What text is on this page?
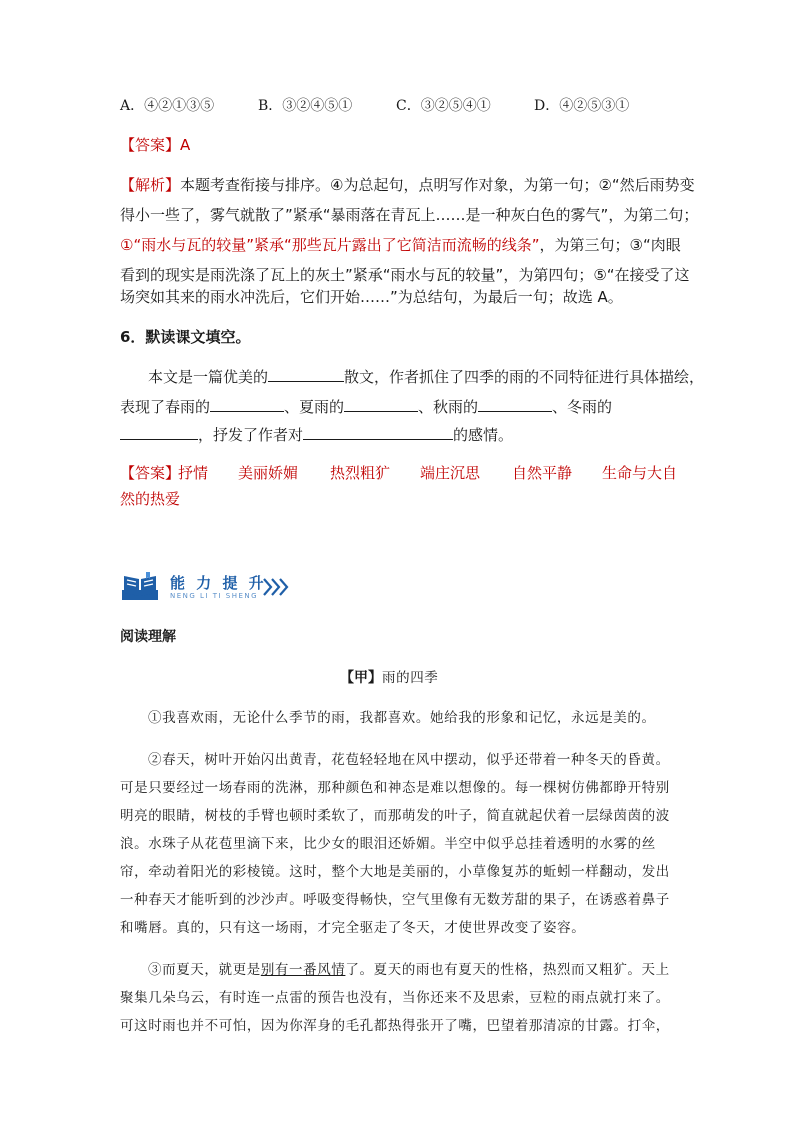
A．④②①③⑤	B．③②④⑤①	C．③②⑤④①	D．④②⑤③①
【答案】A
【解析】本题考查衔接与排序。④为总起句，点明写作对象，为第一句；②“然后雨势变
得小一些了，雾气就散了”紧承“暴雨落在青瓦上……是一种灰白色的雾气”，为第二句；
①“雨水与瓦的较量”紧承“那些瓦片露出了它简洁而流畅的线条”，为第三句；③“肉眼
看到的现实是雨洗涤了瓦上的灰土”紧承“雨水与瓦的较量”，为第四句；⑤“在接受了这
场突如其来的雨水冲洗后，它们开始……”为总结句，为最后一句；故选 A。
6．默读课文填空。
本文是一篇优美的	散文，作者抓住了四季的雨的不同特征进行具体描绘，
表现了春雨的	、夏雨的	、秋雨的	、冬雨的
，抒发了作者对	的感情。
【答案】
抒情 美丽娇媚 热烈粗犷 端庄沉思 自然平静 生命与大自
然的热爱
能 力 提 升
NENG LI TI SHENG
阅读理解
【甲】雨的四季
①我喜欢雨，无论什么季节的雨，我都喜欢。她给我的形象和记忆，永远是美的。
②春天，树叶开始闪出黄青，花苞轻轻地在风中摆动，似乎还带着一种冬天的昏黄。
可是只要经过一场春雨的洗淋，那种颜色和神态是难以想像的。每一棵树仿佛都睁开特别
明亮的眼睛，树枝的手臂也顿时柔软了，而那萌发的叶子，简直就起伏着一层绿茵茵的波
浪。水珠子从花苞里滴下来，比少女的眼泪还娇媚。半空中似乎总挂着透明的水雾的丝
帘，牵动着阳光的彩棱镜。这时，整个大地是美丽的，小草像复苏的蚯蚓一样翻动，发出
一种春天才能听到的沙沙声。呼吸变得畅快，空气里像有无数芳甜的果子，在诱惑着鼻子
和嘴唇。真的，只有这一场雨，才完全驱走了冬天，才使世界改变了姿容。
③而夏天，就更是别有一番风情了。夏天的雨也有夏天的性格，热烈而又粗犷。天上
聚集几朵乌云，有时连一点雷的预告也没有，当你还来不及思索，豆粒的雨点就打来了。
可这时雨也并不可怕，因为你浑身的毛孔都热得张开了嘴，巴望着那清凉的甘露。打伞，
